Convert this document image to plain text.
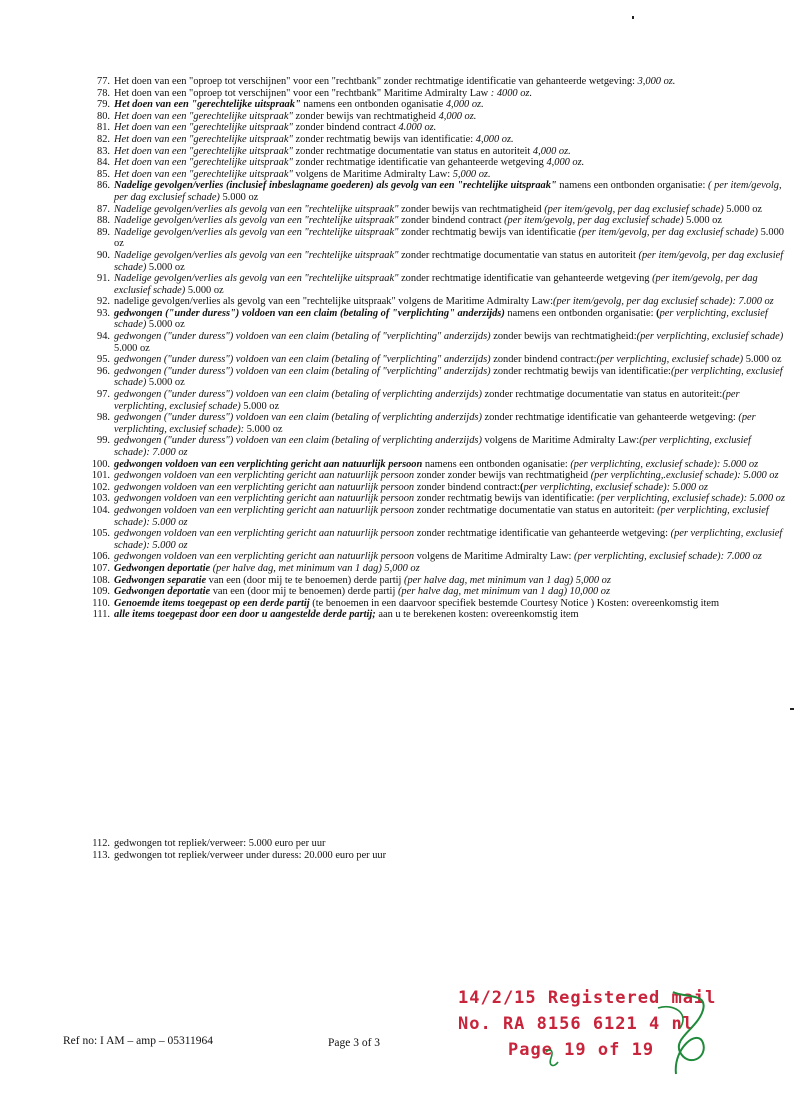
77. Het doen van een "oproep tot verschijnen" voor een "rechtbank" zonder rechtmatige identificatie van gehanteerde wetgeving: 3,000 oz.
78. Het doen van een "oproep tot verschijnen" voor een "rechtbank" Maritime Admiralty Law : 4000 oz.
79. Het doen van een "gerechtelijke uitspraak" namens een ontbonden oganisatie 4,000 oz.
80. Het doen van een "gerechtelijke uitspraak" zonder bewijs van rechtmatigheid 4,000 oz.
81. Het doen van een "gerechtelijke uitspraak" zonder bindend contract 4.000 oz.
82. Het doen van een "gerechtelijke uitspraak" zonder rechtmatig bewijs van identificatie: 4,000 oz.
83. Het doen van een "gerechtelijke uitspraak" zonder rechtmatige documentatie van status en autoriteit 4,000 oz.
84. Het doen van een "gerechtelijke uitspraak" zonder rechtmatige identificatie van gehanteerde wetgeving 4,000 oz.
85. Het doen van een "gerechtelijke uitspraak" volgens de Maritime Admiralty Law: 5,000 oz.
86. Nadelige gevolgen/verlies (inclusief inbeslagname goederen) als gevolg van een "rechtelijke uitspraak" namens een ontbonden organisatie: ( per item/gevolg, per dag exclusief schade) 5.000 oz
87. Nadelige gevolgen/verlies als gevolg van een "rechtelijke uitspraak" zonder bewijs van rechtmatigheid (per item/gevolg, per dag exclusief schade) 5.000 oz
88. Nadelige gevolgen/verlies als gevolg van een "rechtelijke uitspraak" zonder bindend contract (per item/gevolg, per dag exclusief schade) 5.000 oz
89. Nadelige gevolgen/verlies als gevolg van een "rechtelijke uitspraak" zonder rechtmatig bewijs van identificatie (per item/gevolg, per dag exclusief schade) 5.000 oz
90. Nadelige gevolgen/verlies als gevolg van een "rechtelijke uitspraak" zonder rechtmatige documentatie van status en autoriteit (per item/gevolg, per dag exclusief schade) 5.000 oz
91. Nadelige gevolgen/verlies als gevolg van een "rechtelijke uitspraak" zonder rechtmatige identificatie van gehanteerde wetgeving (per item/gevolg, per dag exclusief schade) 5.000 oz
92. nadelige gevolgen/verlies als gevolg van een "rechtelijke uitspraak" volgens de Maritime Admiralty Law:(per item/gevolg, per dag exclusief schade): 7.000 oz
93. gedwongen ("under duress") voldoen van een claim (betaling of "verplichting" anderzijds) namens een ontbonden organisatie: (per verplichting, exclusief schade) 5.000 oz
94. gedwongen ("under duress") voldoen van een claim (betaling of "verplichting" anderzijds) zonder bewijs van rechtmatigheid:(per verplichting, exclusief schade) 5.000 oz
95. gedwongen ("under duress") voldoen van een claim (betaling of "verplichting" anderzijds) zonder bindend contract:(per verplichting, exclusief schade) 5.000 oz
96. gedwongen ("under duress") voldoen van een claim (betaling of "verplichting" anderzijds) zonder rechtmatig bewijs van identificatie:(per verplichting, exclusief schade) 5.000 oz
97. gedwongen ("under duress") voldoen van een claim (betaling of verplichting anderzijds) zonder rechtmatige documentatie van status en autoriteit:(per verplichting, exclusief schade) 5.000 oz
98. gedwongen ("under duress") voldoen van een claim (betaling of verplichting anderzijds) zonder rechtmatige identificatie van gehanteerde wetgeving: (per verplichting, exclusief schade): 5.000 oz
99. gedwongen ("under duress") voldoen van een claim (betaling of verplichting anderzijds) volgens de Maritime Admiralty Law:(per verplichting, exclusief schade): 7.000 oz
100. gedwongen voldoen van een verplichting gericht aan natuurlijk persoon namens een ontbonden oganisatie: (per verplichting, exclusief schade): 5.000 oz
101. gedwongen voldoen van een verplichting gericht aan natuurlijk persoon zonder zonder bewijs van rechtmatigheid (per verplichting,.exclusief schade): 5.000 oz
102. gedwongen voldoen van een verplichting gericht aan natuurlijk persoon zonder bindend contract:(per verplichting, exclusief schade): 5.000 oz
103. gedwongen voldoen van een verplichting gericht aan natuurlijk persoon zonder rechtmatig bewijs van identificatie: (per verplichting, exclusief schade): 5.000 oz
104. gedwongen voldoen van een verplichting gericht aan natuurlijk persoon zonder rechtmatige documentatie van status en autoriteit: (per verplichting, exclusief schade): 5.000 oz
105. gedwongen voldoen van een verplichting gericht aan natuurlijk persoon zonder rechtmatige identificatie van gehanteerde wetgeving: (per verplichting, exclusief schade): 5.000 oz
106. gedwongen voldoen van een verplichting gericht aan natuurlijk persoon volgens de Maritime Admiralty Law: (per verplichting, exclusief schade): 7.000 oz
107. Gedwongen deportatie (per halve dag, met minimum van 1 dag) 5,000 oz
108. Gedwongen separatie van een (door mij te te benoemen) derde partij (per halve dag, met minimum van 1 dag) 5,000 oz
109. Gedwongen deportatie van een (door mij te benoemen) derde partij (per halve dag, met minimum van 1 dag) 10,000 oz
110. Genoemde items toegepast op een derde partij (te benoemen in een daarvoor specifiek bestemde Courtesy Notice ) Kosten: overeenkomstig item
111. alle items toegepast door een door u aangestelde derde partij; aan u te berekenen kosten: overeenkomstig item
112. gedwongen tot repliek/verweer: 5.000 euro per uur
113. gedwongen tot repliek/verweer under duress: 20.000 euro per uur
Ref no: I AM – amp – 05311964	Page 3 of 3
14/2/15 Registered mail
No. RA 8156 6121 4 nl
Page 19 of 19
